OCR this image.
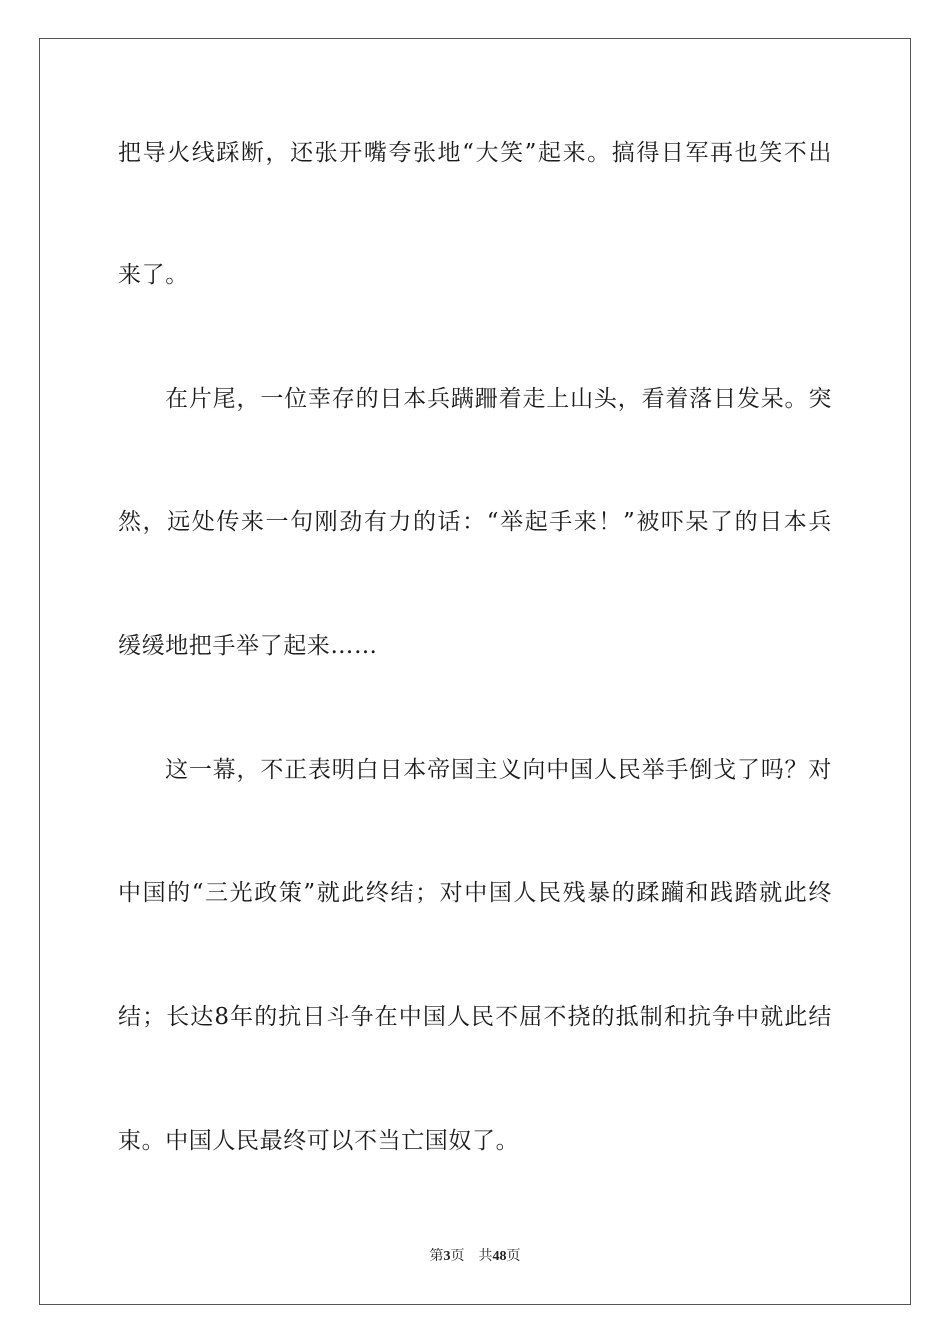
把导火线踩断，还张开嘴夸张地“大笑”起来。搞得日军再也笑不出
来了。
在片尾，一位幸存的日本兵蹒跚着走上山头，看着落日发呆。突
然，远处传来一句刚劲有力的话：“举起手来！”被吓呆了的日本兵
缓缓地把手举了起来……
这一幕，不正表明白日本帝国主义向中国人民举手倒戈了吗？对
中国的“三光政策”就此终结；对中国人民残暴的蹂躏和践踏就此终
结；长达8年的抗日斗争在中国人民不屈不挠的抵制和抗争中就此结
束。中国人民最终可以不当亡国奴了。
第3页 共48页
